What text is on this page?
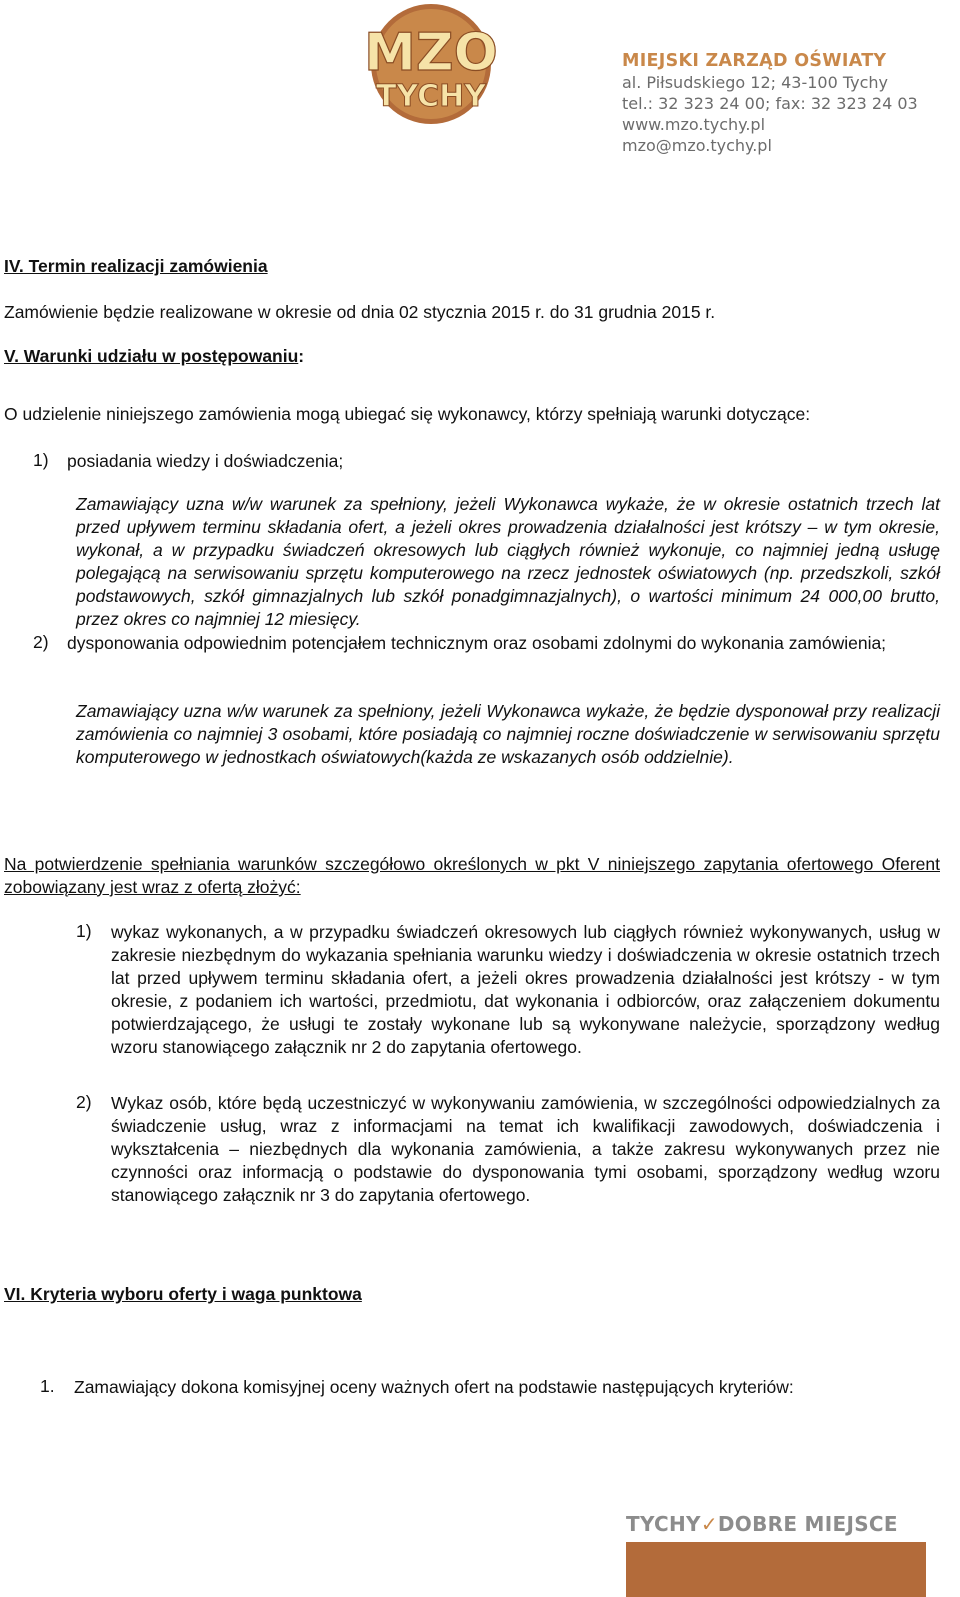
MZO
TYCHY
MIEJSKI ZARZĄD OŚWIATY
al. Piłsudskiego 12; 43-100 Tychy
tel.: 32 323 24 00; fax: 32 323 24 03
www.mzo.tychy.pl
mzo@mzo.tychy.pl
IV. Termin realizacji zamówienia
Zamówienie będzie realizowane w okresie od dnia 02 stycznia 2015 r. do 31 grudnia 2015 r.
V. Warunki udziału w postępowaniu:
O udzielenie niniejszego zamówienia mogą ubiegać się wykonawcy, którzy spełniają warunki dotyczące:
1) posiadania wiedzy i doświadczenia;
Zamawiający uzna w/w warunek za spełniony, jeżeli Wykonawca wykaże, że w okresie ostatnich trzech lat przed upływem terminu składania ofert, a jeżeli okres prowadzenia działalności jest krótszy – w tym okresie, wykonał, a w przypadku świadczeń okresowych lub ciągłych również wykonuje, co najmniej jedną usługę polegającą na serwisowaniu sprzętu komputerowego na rzecz jednostek oświatowych (np. przedszkoli, szkół podstawowych, szkół gimnazjalnych lub szkół ponadgimnazjalnych), o wartości minimum 24 000,00 brutto, przez okres co najmniej 12 miesięcy.
2) dysponowania odpowiednim potencjałem technicznym oraz osobami zdolnymi do wykonania zamówienia;
Zamawiający uzna w/w warunek za spełniony, jeżeli Wykonawca wykaże, że będzie dysponował przy realizacji zamówienia co najmniej 3 osobami, które posiadają co najmniej roczne doświadczenie w serwisowaniu sprzętu komputerowego w jednostkach oświatowych(każda ze wskazanych osób oddzielnie).
Na potwierdzenie spełniania warunków szczegółowo określonych w pkt V niniejszego zapytania ofertowego Oferent zobowiązany jest wraz z ofertą złożyć:
1) wykaz wykonanych, a w przypadku świadczeń okresowych lub ciągłych również wykonywanych, usług w zakresie niezbędnym do wykazania spełniania warunku wiedzy i doświadczenia w okresie ostatnich trzech lat przed upływem terminu składania ofert, a jeżeli okres prowadzenia działalności jest krótszy - w tym okresie, z podaniem ich wartości, przedmiotu, dat wykonania i odbiorców, oraz załączeniem dokumentu potwierdzającego, że usługi te zostały wykonane lub są wykonywane należycie, sporządzony według wzoru stanowiącego załącznik nr 2 do zapytania ofertowego.
2) Wykaz osób, które będą uczestniczyć w wykonywaniu zamówienia, w szczególności odpowiedzialnych za świadczenie usług, wraz z informacjami na temat ich kwalifikacji zawodowych, doświadczenia i wykształcenia – niezbędnych dla wykonania zamówienia, a także zakresu wykonywanych przez nie czynności oraz informacją o podstawie do dysponowania tymi osobami, sporządzony według wzoru stanowiącego załącznik nr 3 do zapytania ofertowego.
VI. Kryteria wyboru oferty i waga punktowa
1. Zamawiający dokona komisyjnej oceny ważnych ofert na podstawie następujących kryteriów:
TYCHY✓DOBRE MIEJSCE
